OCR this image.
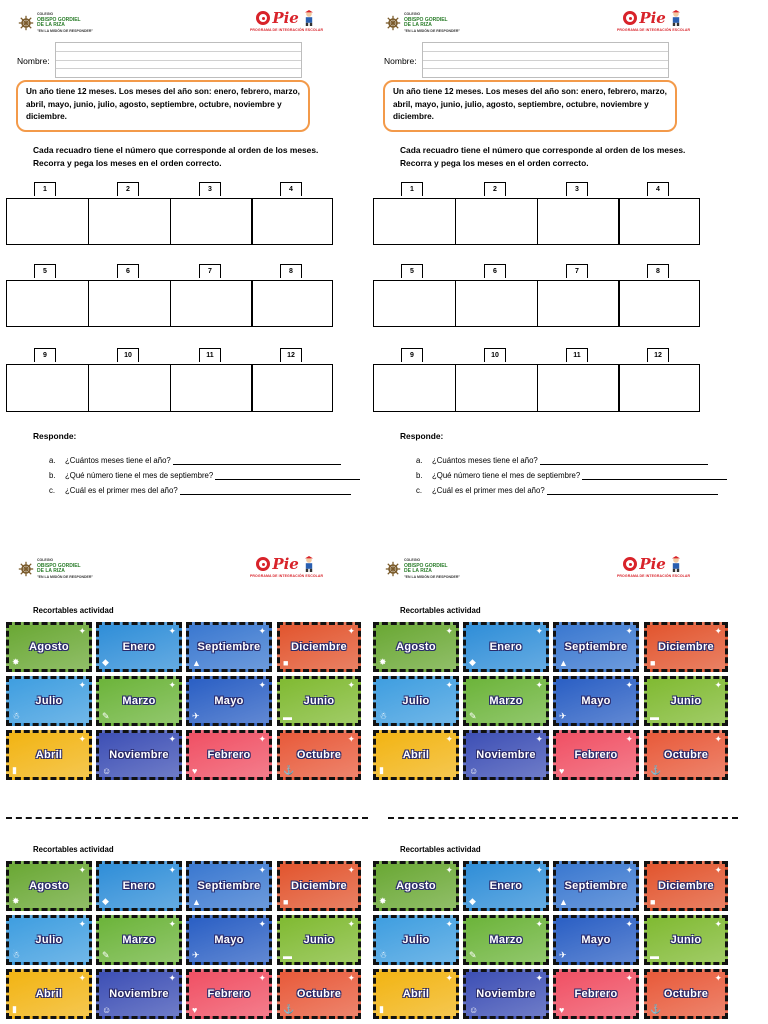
COLEGIO
OBISPO GORDIEL
DE LA RIZA
"EN LA MISIÓN DE RESPONDER"
Pie
PROGRAMA DE INTEGRACIÓN ESCOLAR
Nombre:
Un año tiene 12 meses. Los meses del año son: enero, febrero, marzo, abril, mayo, junio, julio, agosto, septiembre, octubre, noviembre y diciembre.
Cada recuadro tiene el número que corresponde al orden de los meses. Recorra y pega los meses en el orden correcto.
1	2	3	4
5	6	7	8
9	10	11	12
Responde:
a. ¿Cuántos meses tiene el año?
b. ¿Qué número tiene el mes de septiembre?
c. ¿Cuál es el primer mes del año?
COLEGIO
OBISPO GORDIEL
DE LA RIZA
"EN LA MISIÓN DE RESPONDER"
Pie
PROGRAMA DE INTEGRACIÓN ESCOLAR
Recortables actividad
✸
✦
Agosto
◆
✦
Enero
▲
✦
Septiembre
■
✦
Diciembre
☃
✦
Julio
✎
✦
Marzo
✈
✦
Mayo
▬
✦
Junio
▮
✦
Abril
☺
✦
Noviembre
♥
✦
Febrero
⚓
✦
Octubre
Recortables actividad
✸
✦
Agosto
◆
✦
Enero
▲
✦
Septiembre
■
✦
Diciembre
☃
✦
Julio
✎
✦
Marzo
✈
✦
Mayo
▬
✦
Junio
▮
✦
Abril
☺
✦
Noviembre
♥
✦
Febrero
⚓
✦
Octubre
COLEGIO
OBISPO GORDIEL
DE LA RIZA
"EN LA MISIÓN DE RESPONDER"
Pie
PROGRAMA DE INTEGRACIÓN ESCOLAR
Nombre:
Un año tiene 12 meses. Los meses del año son: enero, febrero, marzo, abril, mayo, junio, julio, agosto, septiembre, octubre, noviembre y diciembre.
Cada recuadro tiene el número que corresponde al orden de los meses. Recorra y pega los meses en el orden correcto.
1	2	3	4
5	6	7	8
9	10	11	12
Responde:
a. ¿Cuántos meses tiene el año?
b. ¿Qué número tiene el mes de septiembre?
c. ¿Cuál es el primer mes del año?
COLEGIO
OBISPO GORDIEL
DE LA RIZA
"EN LA MISIÓN DE RESPONDER"
Pie
PROGRAMA DE INTEGRACIÓN ESCOLAR
Recortables actividad
✸
✦
Agosto
◆
✦
Enero
▲
✦
Septiembre
■
✦
Diciembre
☃
✦
Julio
✎
✦
Marzo
✈
✦
Mayo
▬
✦
Junio
▮
✦
Abril
☺
✦
Noviembre
♥
✦
Febrero
⚓
✦
Octubre
Recortables actividad
✸
✦
Agosto
◆
✦
Enero
▲
✦
Septiembre
■
✦
Diciembre
☃
✦
Julio
✎
✦
Marzo
✈
✦
Mayo
▬
✦
Junio
▮
✦
Abril
☺
✦
Noviembre
♥
✦
Febrero
⚓
✦
Octubre
